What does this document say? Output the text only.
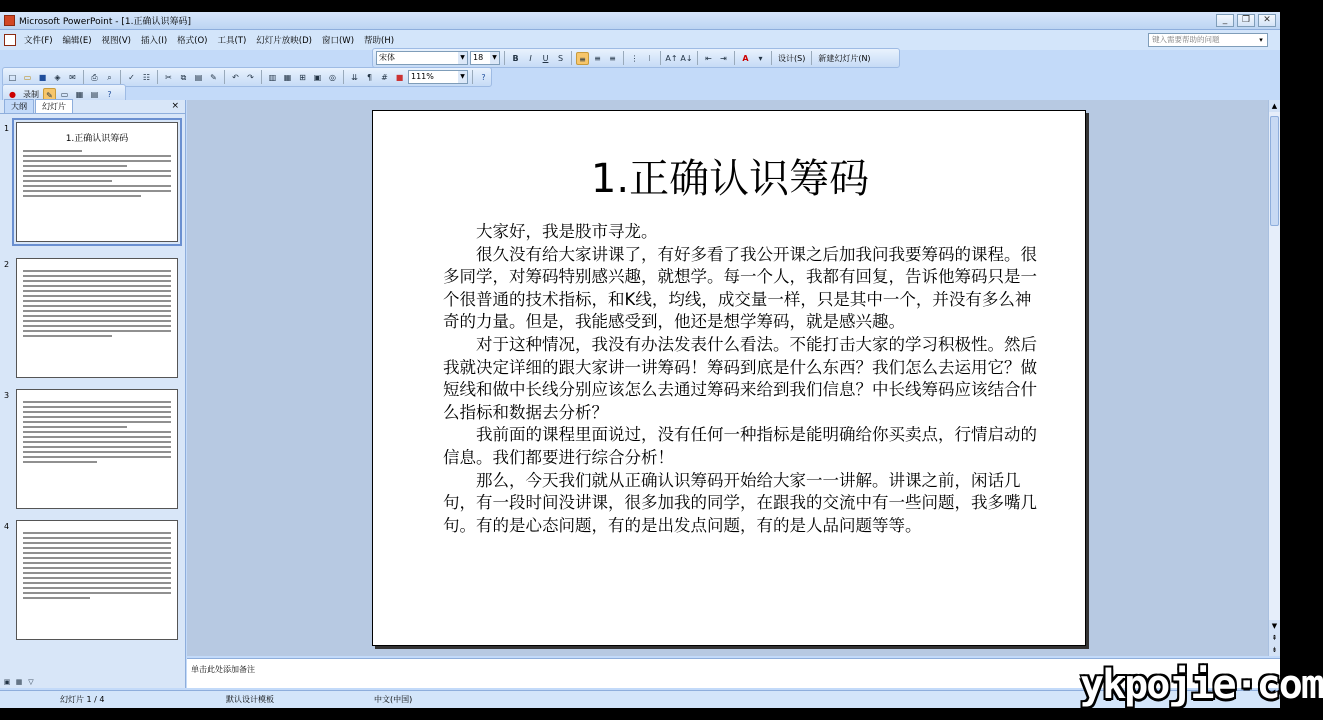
Microsoft PowerPoint - [1.正确认识筹码]	_	❐	✕
文件(F)	编辑(E)	视图(V)	插入(I)	格式(O)	工具(T)	幻灯片放映(D)	窗口(W)	帮助(H)	键入需要帮助的问题	▾
宋体	▼	18	▼	B	I	U	S	≡	≡	≡	⋮	⁝	A↑ A↓	⇤	⇥	A	▾	设计(S) 新建幻灯片(N)
□ ▭ ■	◈	✉	⎙	⌕	✓	☷	✂	⧉	▤ ✎	↶	↷	▥ ▦ ⊞ ▣ ◎	⇊	¶	# ■ 111%	▼	?
● 录制 ✎ ▭ ▦ ▤	?
大纲	幻灯片	×
1
1.正确认识筹码
2
3
4
1.正确认识筹码

大家好，我是股市寻龙。

很久没有给大家讲课了，有好多看了我公开课之后加我问我要筹码的课程。很多同学，对筹码特别感兴趣，就想学。每一个人，我都有回复，告诉他筹码只是一个很普通的技术指标，和K线，均线，成交量一样，只是其中一个，并没有多么神奇的力量。但是，我能感受到，他还是想学筹码，就是感兴趣。

对于这种情况，我没有办法发表什么看法。不能打击大家的学习积极性。然后我就决定详细的跟大家讲一讲筹码！筹码到底是什么东西？我们怎么去运用它？做短线和做中长线分别应该怎么去通过筹码来给到我们信息？中长线筹码应该结合什么指标和数据去分析？

我前面的课程里面说过，没有任何一种指标是能明确给你买卖点，行情启动的信息。我们都要进行综合分析！

那么，今天我们就从正确认识筹码开始给大家一一讲解。讲课之前，闲话几句，有一段时间没讲课，很多加我的同学，在跟我的交流中有一些问题，我多嘴几句。有的是心态问题，有的是出发点问题，有的是人品问题等等。

▲
▼
⇞
⇟
单击此处添加备注
▣ ▦ ▽
幻灯片 1 / 4	默认设计模板	中文(中国)	ykpojie·com
